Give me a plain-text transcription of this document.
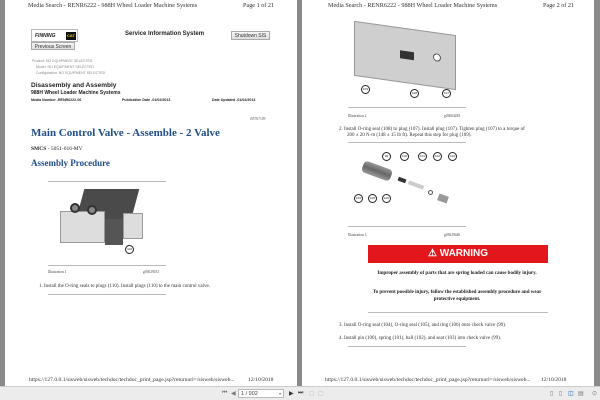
Media Search - RENR6222 - 988H Wheel Loader Machine Systems	Page 1 of 21
FINNING	CAT	Service Information System	Shutdown SIS
Previous Screen
Product: NO EQUIPMENT SELECTED
Model: NO EQUIPMENT SELECTED
Configuration: NO EQUIPMENT SELECTED
Disassembly and Assembly
988H Wheel Loader Machine Systems
Media Number -RENR6222-06	Publication Date -01/02/2013	Date Updated -01/02/2013
i05767109
Main Control Valve - Assemble - 2 Valve
SMCS - 5051-016-MV
Assembly Procedure
110
Illustration 1	g03029451
1. Install the O-ring seals to plugs (110). Install plugs (110) to the main control valve.
https://127.0.0.1/sisweb/sisweb/techdoc/techdoc_print_page.jsp?returnurl=/sisweb/sisweb... 12/10/2018
Media Search - RENR6222 - 988H Wheel Loader Machine Systems	Page 2 of 21
109
108	107
Illustration 2	g03004283
2. Install O-ring seal (108) to plug (107). Install plug (107). Tighten plug (107) to a torque of
200 ± 20 N·m (148 ± 15 lb ft). Repeat this step for plug (109).
99	100	101	102	103
104	105	106
Illustration 3	g03029446
⚠ WARNING
Improper assembly of parts that are spring loaded can cause bodily injury.
To prevent possible injury, follow the established assembly procedure and wear protective equipment.
3. Install O-ring seal (104), O-ring seal (105), and ring (106) onto check valve (99).
4. Install pin (100), spring (101), ball (102), and seat (103) into check valve (99).
https://127.0.0.1/sisweb/sisweb/techdoc/techdoc_print_page.jsp?returnurl=/sisweb/sisweb... 12/10/2018
⏮ ◀ 1 / 902	▾ ▶ ⏭ ▢ ▢	▯ ▯ ◫ ▤ ⊙
